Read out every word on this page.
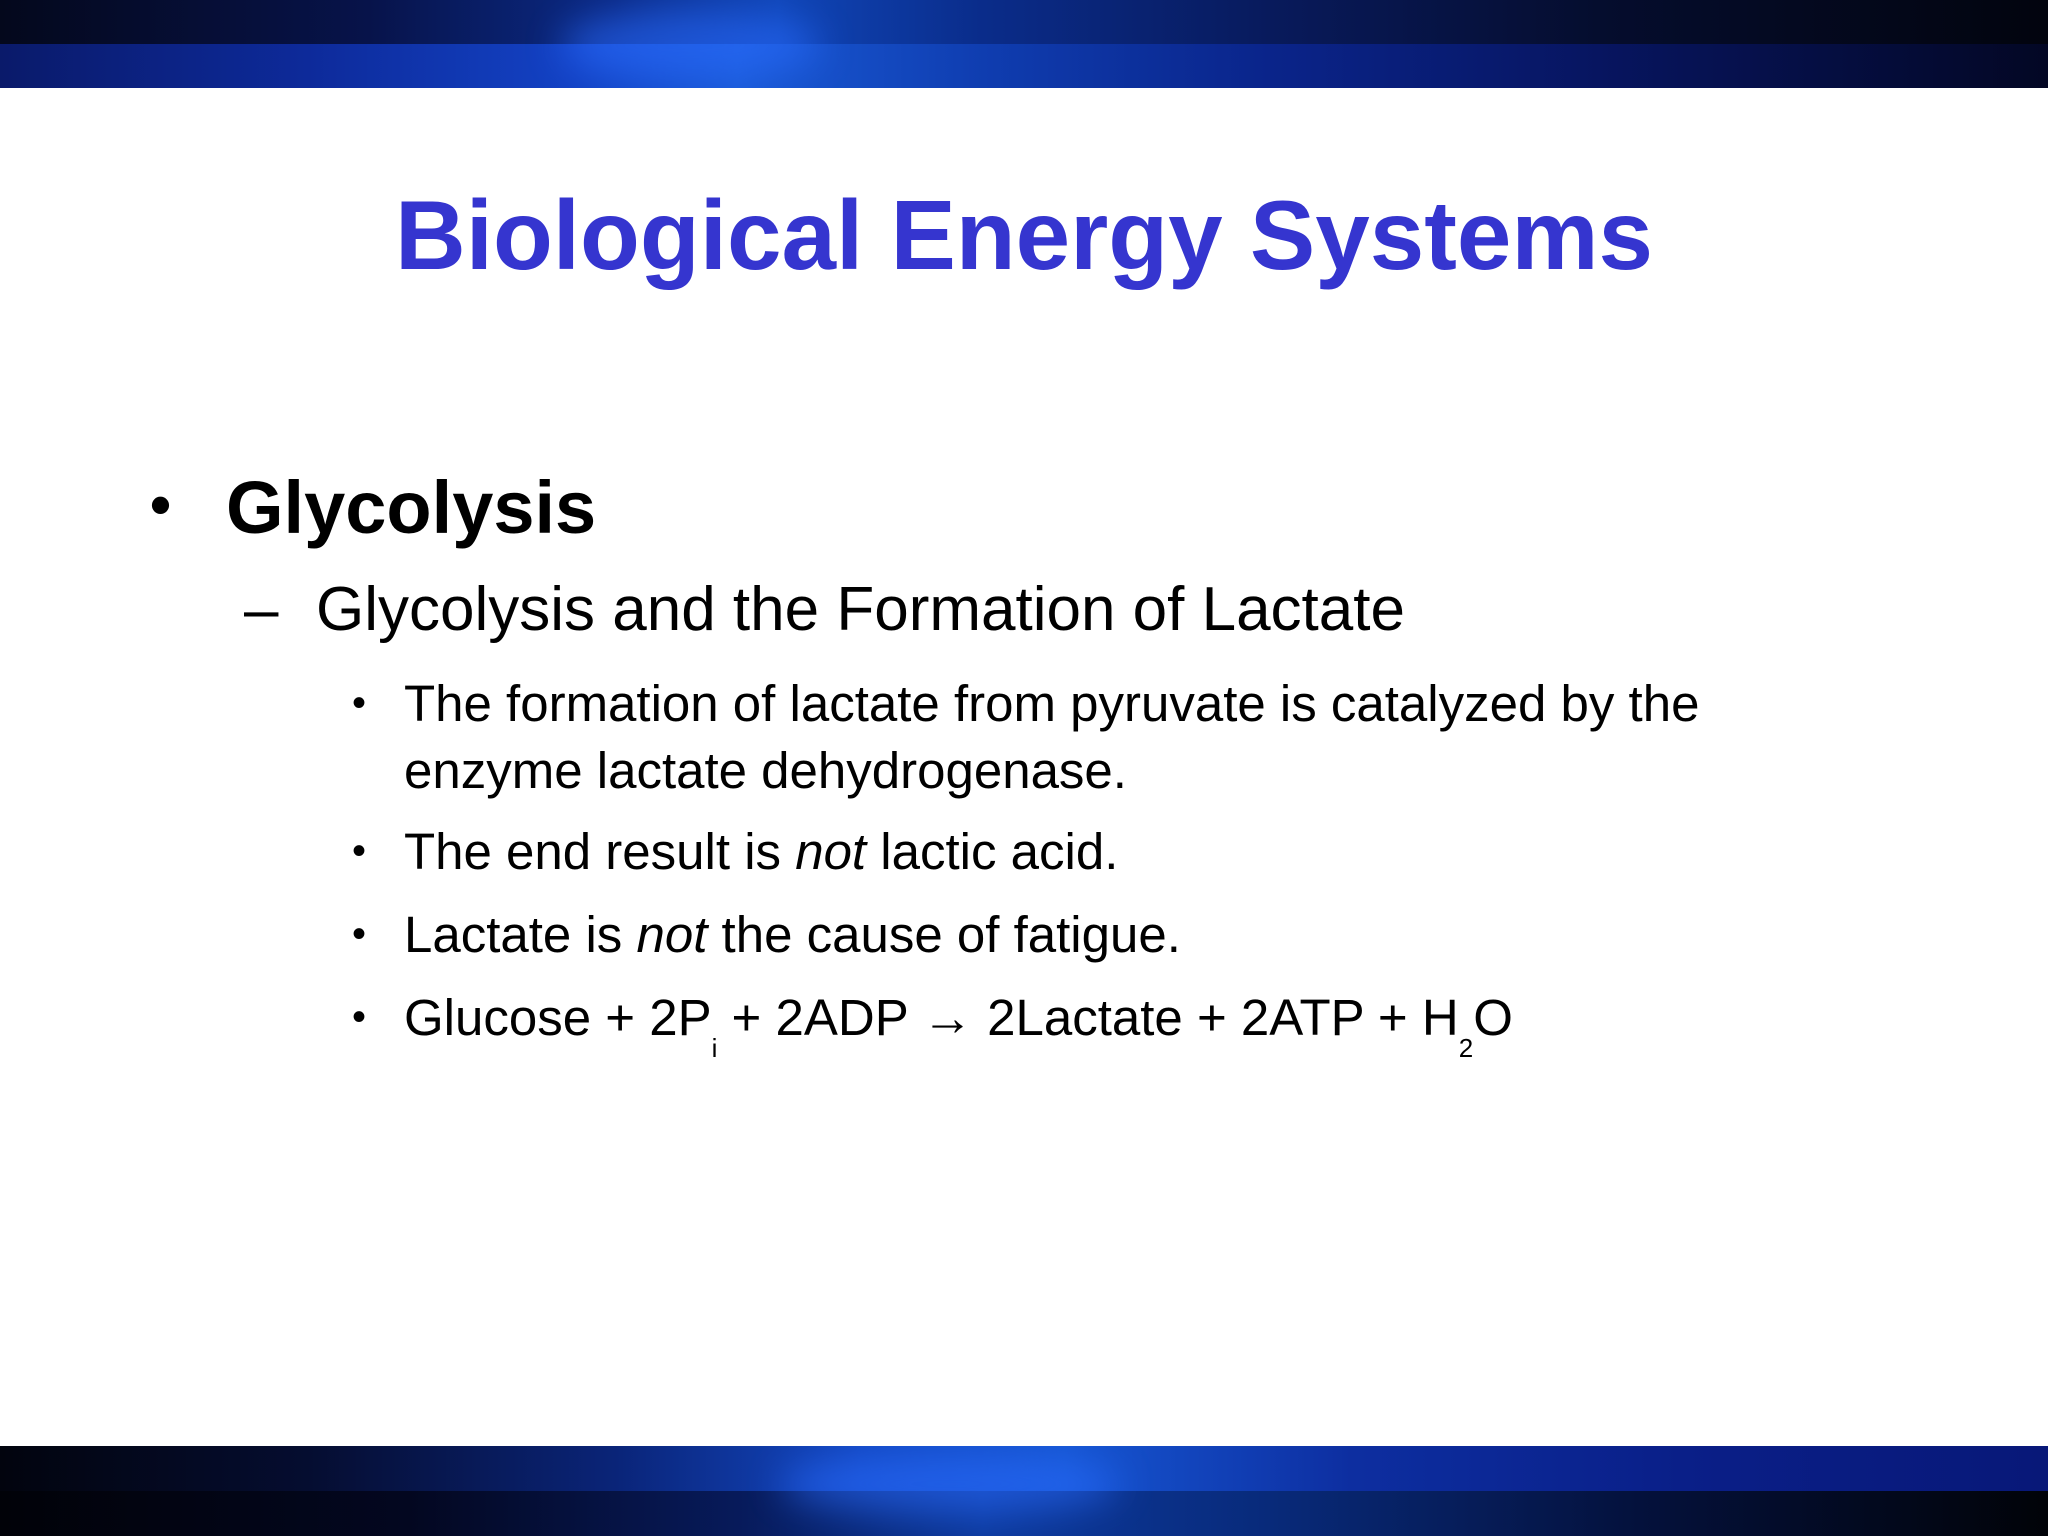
Biological Energy Systems
• Glycolysis
– Glycolysis and the Formation of Lactate
• The formation of lactate from pyruvate is catalyzed by the enzyme lactate dehydrogenase.
• The end result is not lactic acid.
• Lactate is not the cause of fatigue.
• $Glucose + 2P_i + 2ADP$ → 2Lactate + $2ATP + H_2O$
